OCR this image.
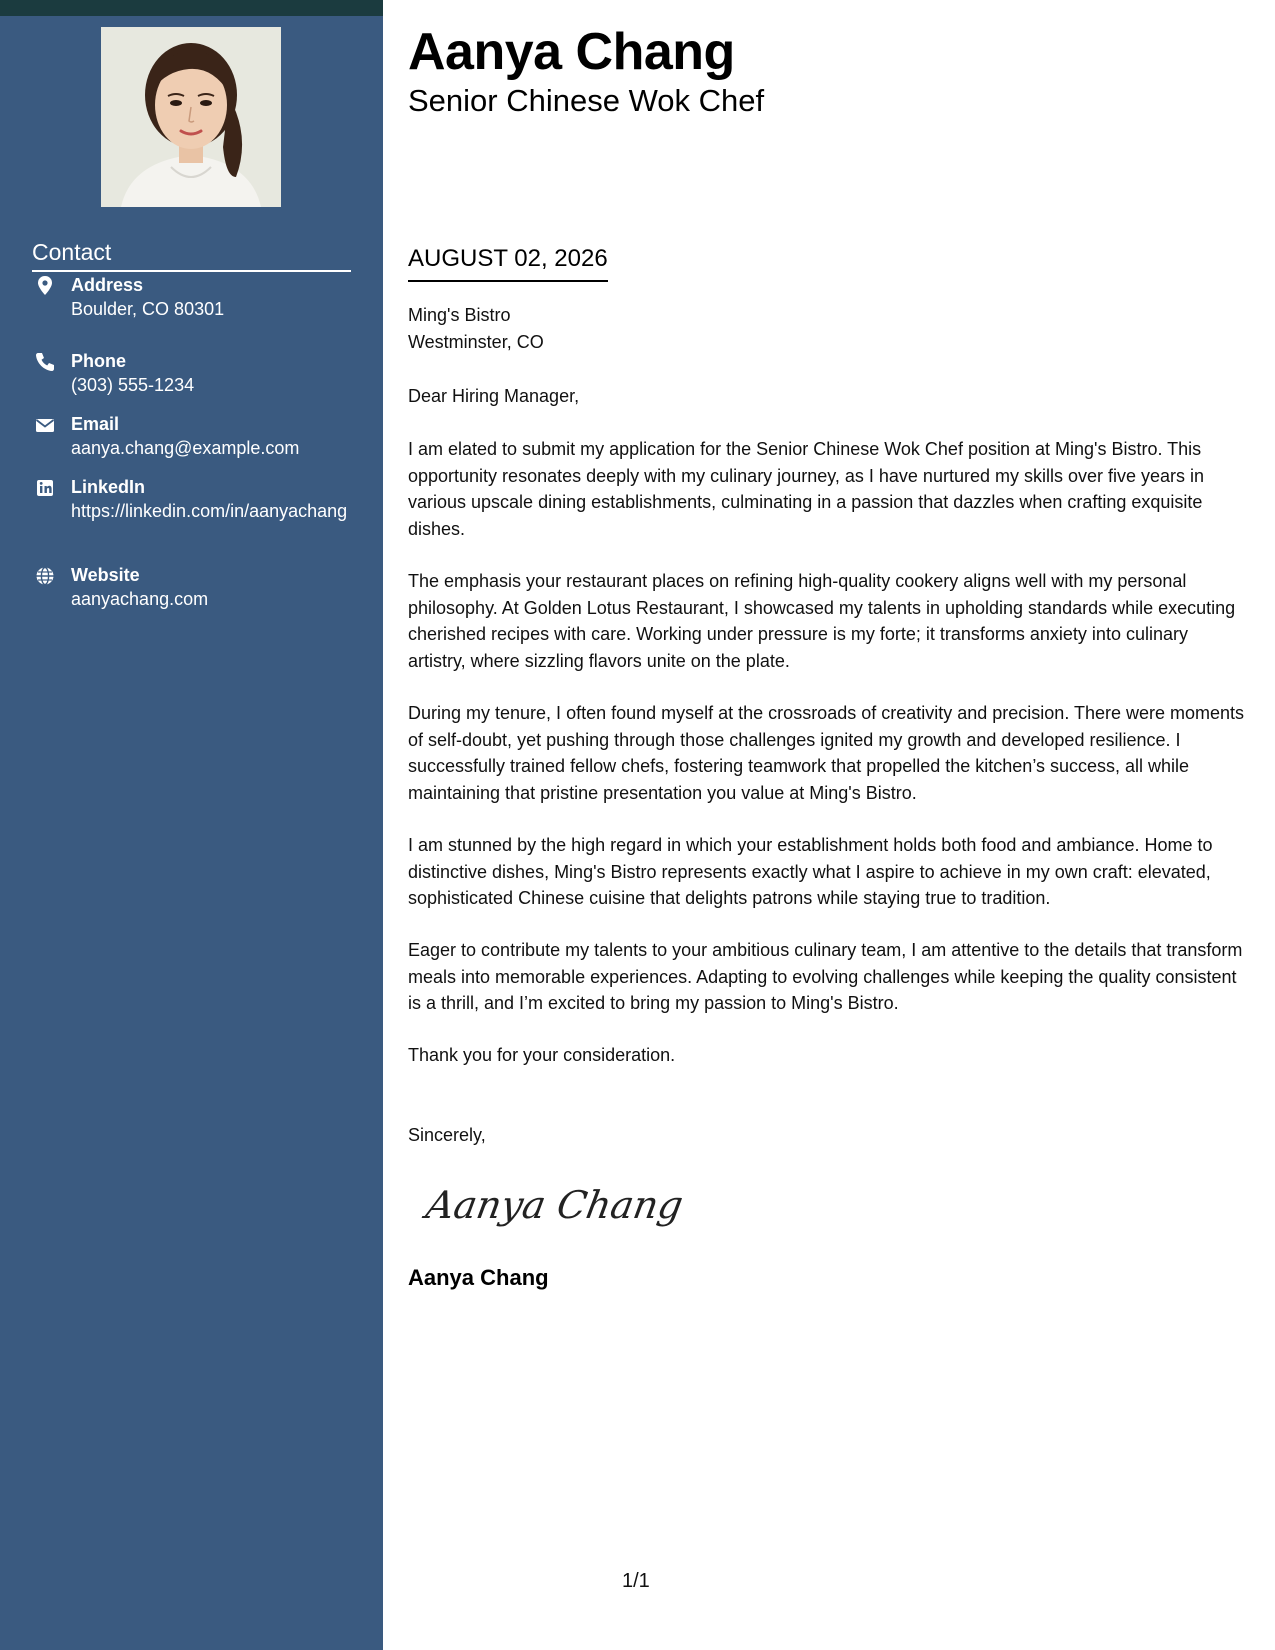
Contact
Address
Boulder, CO 80301
Phone
(303) 555-1234
Email
aanya.chang@example.com
LinkedIn
https://linkedin.com/in/aanyachang
Website
aanyachang.com
Aanya Chang
Senior Chinese Wok Chef
AUGUST 02, 2026
Ming's Bistro
Westminster, CO
Dear Hiring Manager,
I am elated to submit my application for the Senior Chinese Wok Chef position at Ming's Bistro. This opportunity resonates deeply with my culinary journey, as I have nurtured my skills over five years in various upscale dining establishments, culminating in a passion that dazzles when crafting exquisite dishes.
The emphasis your restaurant places on refining high-quality cookery aligns well with my personal philosophy. At Golden Lotus Restaurant, I showcased my talents in upholding standards while executing cherished recipes with care. Working under pressure is my forte; it transforms anxiety into culinary artistry, where sizzling flavors unite on the plate.
During my tenure, I often found myself at the crossroads of creativity and precision. There were moments of self-doubt, yet pushing through those challenges ignited my growth and developed resilience. I successfully trained fellow chefs, fostering teamwork that propelled the kitchen’s success, all while maintaining that pristine presentation you value at Ming's Bistro.
I am stunned by the high regard in which your establishment holds both food and ambiance. Home to distinctive dishes, Ming's Bistro represents exactly what I aspire to achieve in my own craft: elevated, sophisticated Chinese cuisine that delights patrons while staying true to tradition.
Eager to contribute my talents to your ambitious culinary team, I am attentive to the details that transform meals into memorable experiences. Adapting to evolving challenges while keeping the quality consistent is a thrill, and I’m excited to bring my passion to Ming's Bistro.
Thank you for your consideration.
Sincerely,
Aanya Chang
Aanya Chang
1/1
